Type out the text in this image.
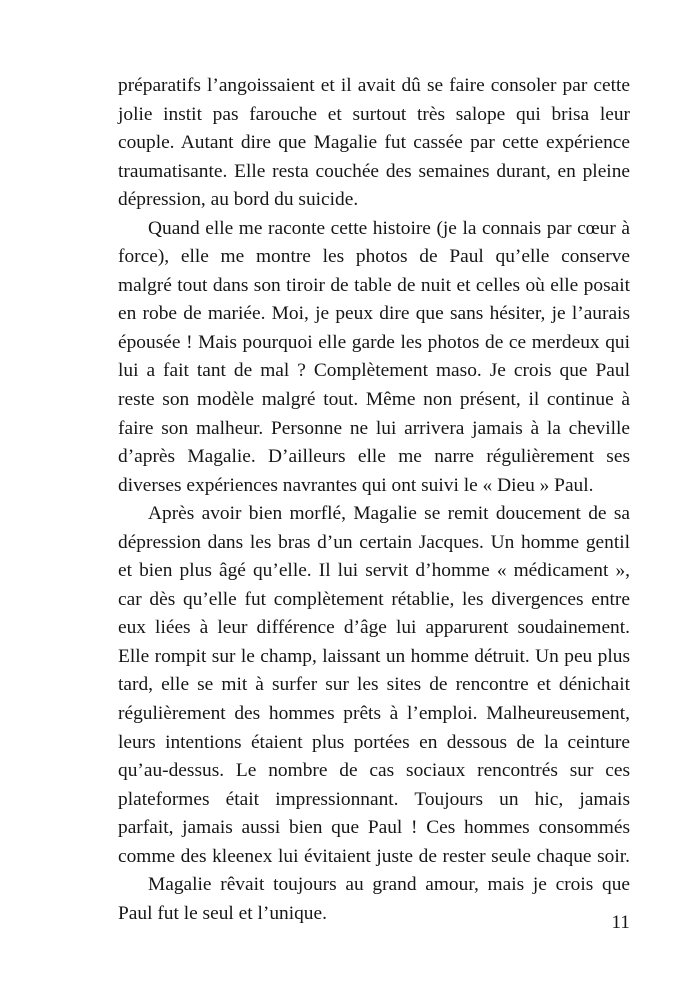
préparatifs l’angoissaient et il avait dû se faire consoler par cette
jolie instit pas farouche et surtout très salope qui brisa leur
couple. Autant dire que Magalie fut cassée par cette expérience
traumatisante. Elle resta couchée des semaines durant, en pleine
dépression, au bord du suicide.

Quand elle me raconte cette histoire (je la connais par cœur à
force), elle me montre les photos de Paul qu’elle conserve
malgré tout dans son tiroir de table de nuit et celles où elle posait
en robe de mariée. Moi, je peux dire que sans hésiter, je l’aurais
épousée ! Mais pourquoi elle garde les photos de ce merdeux qui
lui a fait tant de mal ? Complètement maso. Je crois que Paul
reste son modèle malgré tout. Même non présent, il continue à
faire son malheur. Personne ne lui arrivera jamais à la cheville
d’après Magalie. D’ailleurs elle me narre régulièrement ses
diverses expériences navrantes qui ont suivi le « Dieu » Paul.

Après avoir bien morflé, Magalie se remit doucement de sa
dépression dans les bras d’un certain Jacques. Un homme gentil
et bien plus âgé qu’elle. Il lui servit d’homme « médicament »,
car dès qu’elle fut complètement rétablie, les divergences entre
eux liées à leur différence d’âge lui apparurent soudainement.
Elle rompit sur le champ, laissant un homme détruit. Un peu plus
tard, elle se mit à surfer sur les sites de rencontre et dénichait
régulièrement des hommes prêts à l’emploi. Malheureusement,
leurs intentions étaient plus portées en dessous de la ceinture
qu’au-dessus. Le nombre de cas sociaux rencontrés sur ces
plateformes était impressionnant. Toujours un hic, jamais
parfait, jamais aussi bien que Paul ! Ces hommes consommés
comme des kleenex lui évitaient juste de rester seule chaque soir.

Magalie rêvait toujours au grand amour, mais je crois que
Paul fut le seul et l’unique.	11
